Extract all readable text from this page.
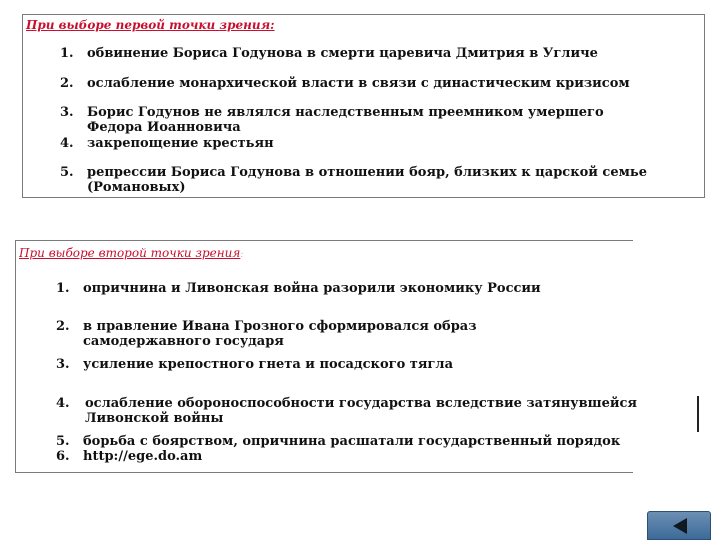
При выборе первой точки зрения:
1. обвинение Бориса Годунова в смерти царевича Дмитрия в Угличе
2. ослабление монархической власти в связи с династическим кризисом
3. Борис Годунов не являлся наследственным преемником умершего Федора Иоанновича
4. закрепощение крестьян
5. репрессии Бориса Годунова в отношении бояр, близких к царской семье (Романовых)
При выборе второй точки зрения:
1. опричнина и Ливонская война разорили экономику России
2. в правление Ивана Грозного сформировался образ самодержавного государя
3. усиление крепостного гнета и посадского тягла
4. ослабление обороноспособности государства вследствие затянувшейся Ливонской войны
5. борьба с боярством, опричнина расшатали государственный порядок
6. http://ege.do.am
